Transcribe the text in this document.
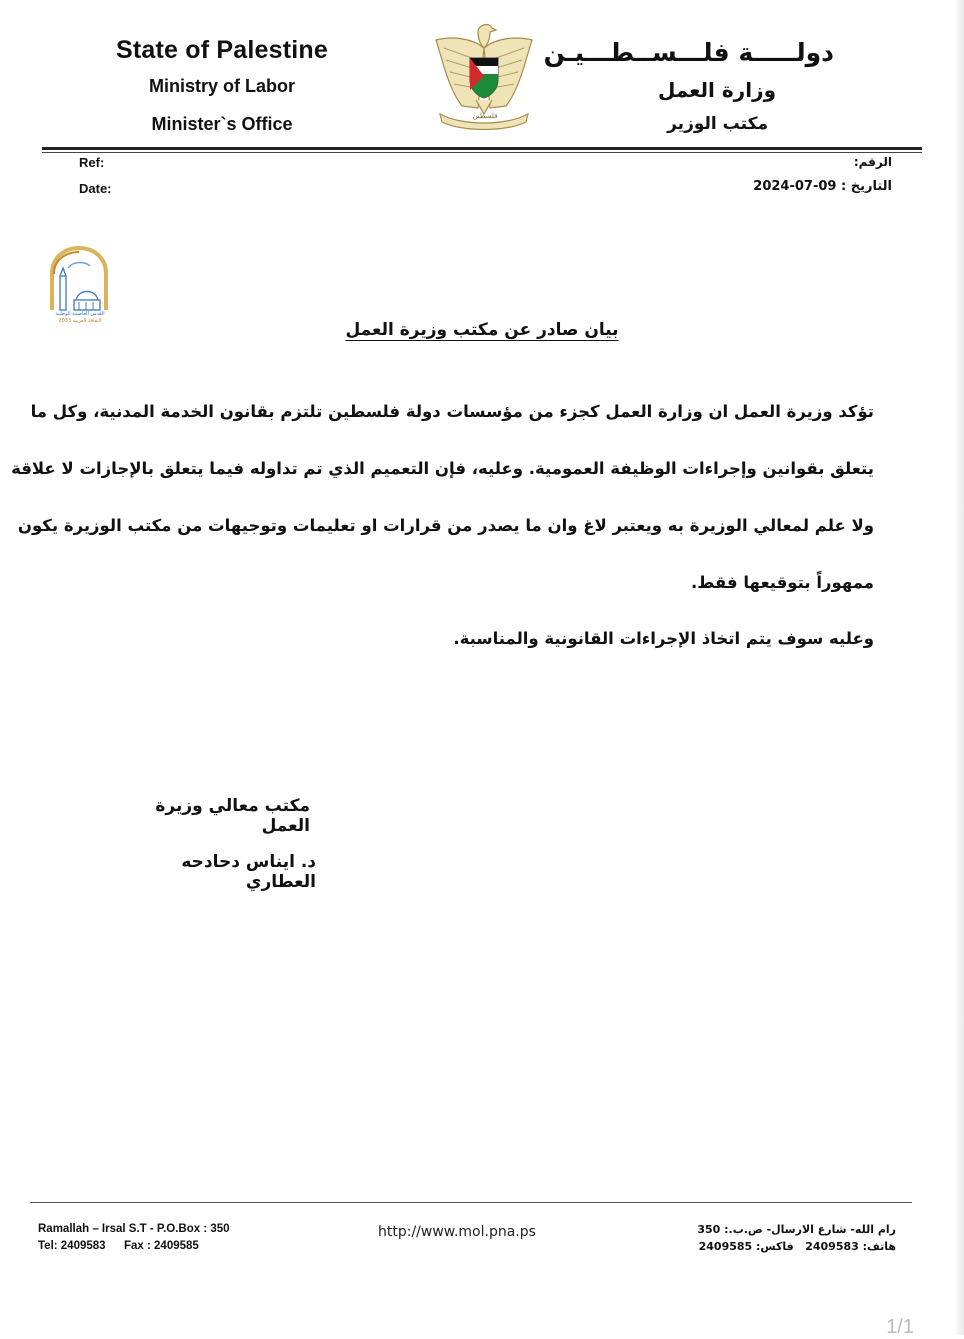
State of Palestine
Ministry of Labor
Minister`s Office	فلسطين
دولـــــة فلـــســطـــيـن
وزارة العمل
مكتب الوزير
Ref:
Date:
الرقم:
التاريخ : 09-07-2024
القدس العاصمة الوطنية
الثقافة العربية 2033	بيان صادر عن مكتب وزيرة العمل
تؤكد وزيرة العمل ان وزارة العمل كجزء من مؤسسات دولة فلسطين تلتزم بقانون الخدمة المدنية، وكل ما
يتعلق بقوانين وإجراءات الوظيفة العمومية. وعليه، فإن التعميم الذي تم تداوله فيما يتعلق بالإجازات لا علاقة
ولا علم لمعالي الوزيرة به ويعتبر لاغ وان ما يصدر من قرارات او تعليمات وتوجيهات من مكتب الوزيرة يكون
ممهوراً بتوقيعها فقط.
وعليه سوف يتم اتخاذ الإجراءات القانونية والمناسبة.
مكتب معالي وزيرة العمل
د. ايناس دحادحه العطاري
Ramallah – Irsal S.T - P.O.Box : 350
Tel: 2409583 Fax : 2409585
http://www.mol.pna.ps	رام الله- شارع الارسال- ص.ب.: 350
هاتف: 2409583   فاكس: 2409585
1/1
